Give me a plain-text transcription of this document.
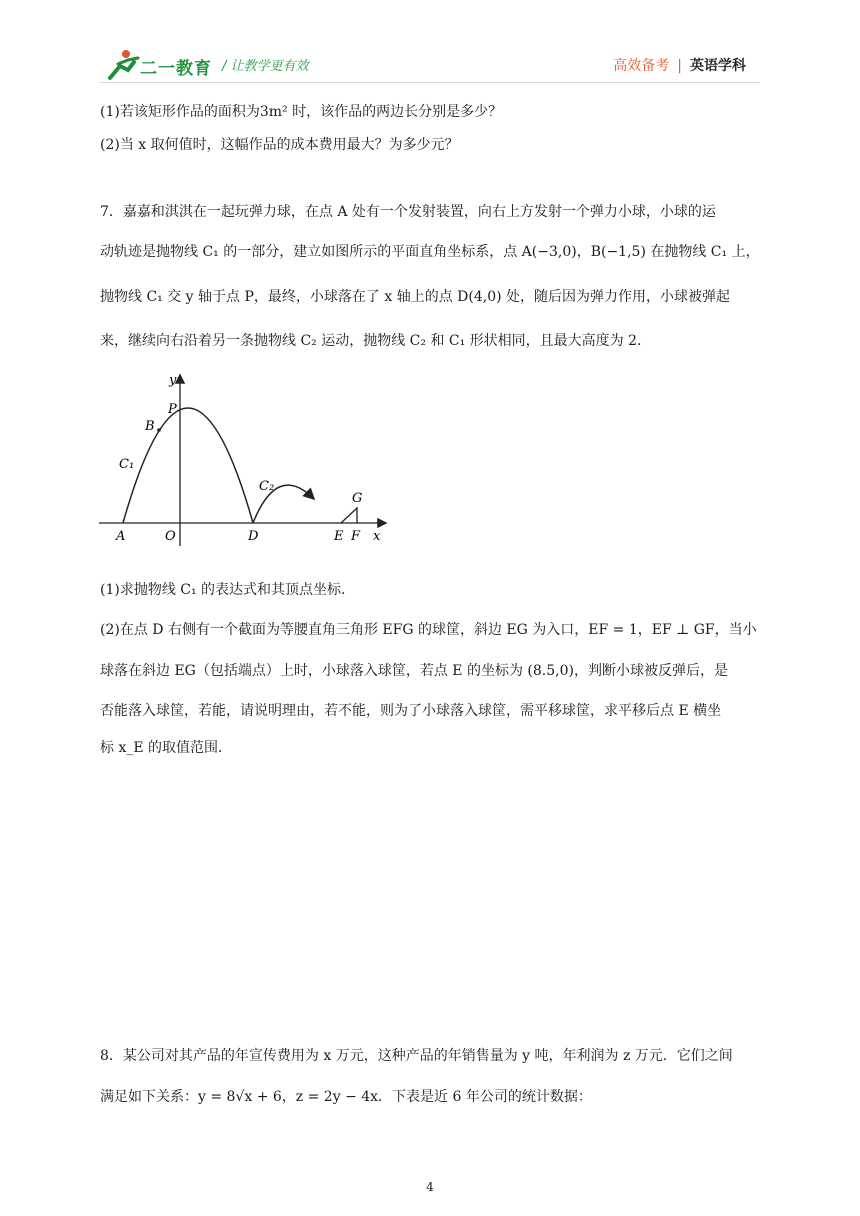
二一教育 / 让教学更有效	高效备考 | 英语学科
(1)若该矩形作品的面积为3m² 时，该作品的两边长分别是多少？
(2)当 x 取何值时，这幅作品的成本费用最大？为多少元？
7．嘉嘉和淇淇在一起玩弹力球，在点 A 处有一个发射装置，向右上方发射一个弹力小球，小球的运
动轨迹是抛物线 C₁ 的一部分，建立如图所示的平面直角坐标系，点 A(−3,0)，B(−1,5) 在抛物线 C₁ 上，
抛物线 C₁ 交 y 轴于点 P，最终，小球落在了 x 轴上的点 D(4,0) 处，随后因为弹力作用，小球被弹起
来，继续向右沿着另一条抛物线 C₂ 运动，抛物线 C₂ 和 C₁ 形状相同，且最大高度为 2．
y
x
P
B
C₁
C₂
G
A	O	D	E F
(1)求抛物线 C₁ 的表达式和其顶点坐标．
(2)在点 D 右侧有一个截面为等腰直角三角形 EFG 的球筐，斜边 EG 为入口，EF = 1，EF ⊥ GF，当小
球落在斜边 EG（包括端点）上时，小球落入球筐，若点 E 的坐标为 (8.5,0)，判断小球被反弹后，是
否能落入球筐，若能，请说明理由，若不能，则为了小球落入球筐，需平移球筐，求平移后点 E 横坐
标 x_E 的取值范围．
8．某公司对其产品的年宣传费用为 x 万元，这种产品的年销售量为 y 吨，年利润为 z 万元．它们之间
满足如下关系：y = 8√x + 6，z = 2y − 4x．下表是近 6 年公司的统计数据：
4
